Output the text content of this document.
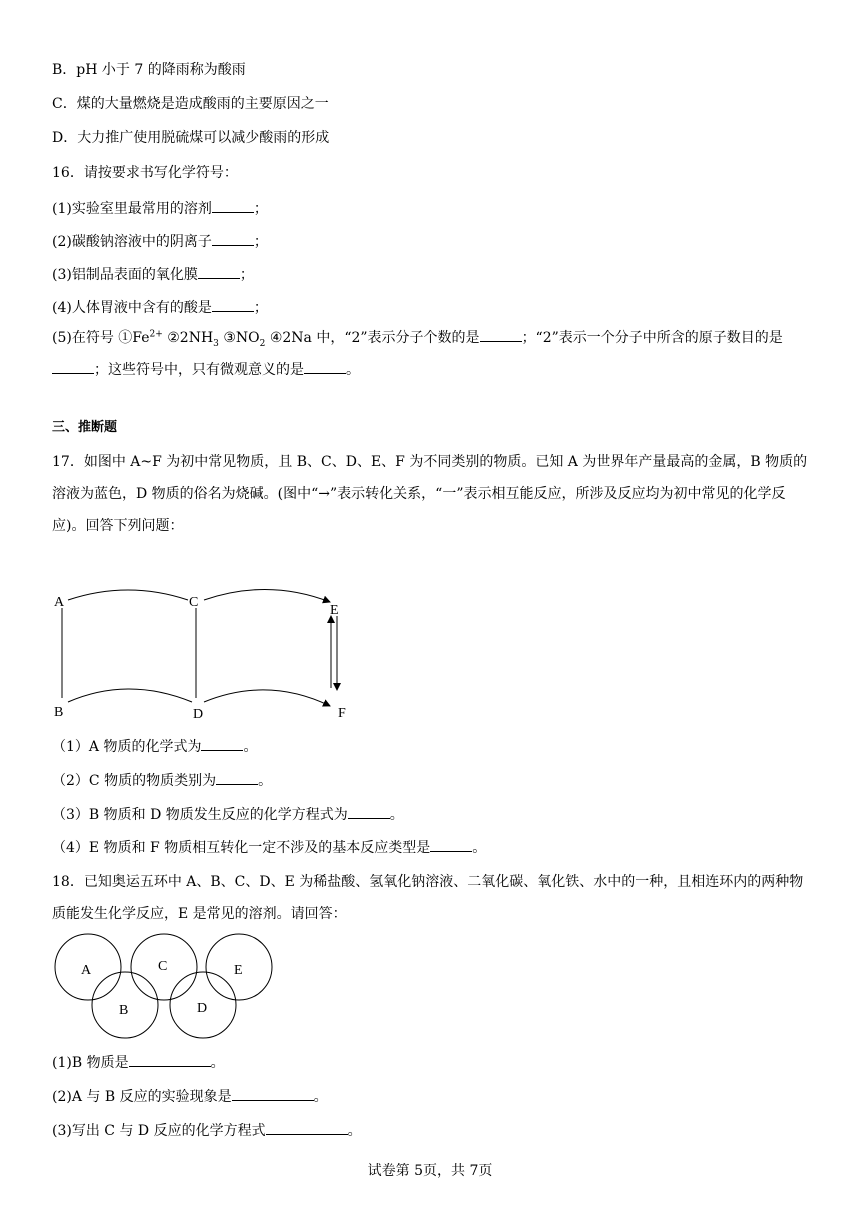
B．pH 小于 7 的降雨称为酸雨
C．煤的大量燃烧是造成酸雨的主要原因之一
D．大力推广使用脱硫煤可以减少酸雨的形成
16．请按要求书写化学符号：
(1)实验室里最常用的溶剂	；
(2)碳酸钠溶液中的阴离子	；
(3)铝制品表面的氧化膜	；
(4)人体胃液中含有的酸是	；
(5)在符号 $①Fe^{2+}$ $②2NH_3$ $③NO_2$ ④2Na 中，“2”表示分子个数的是	；“2”表示一个分子中所含的原子数目的是；这些符号中，只有微观意义的是	。
三、推断题
17．如图中 A~F 为初中常见物质，且 B、C、D、E、F 为不同类别的物质。已知 A 为世界年产量最高的金属，B 物质的溶液为蓝色，D 物质的俗名为烧碱。(图中“→”表示转化关系，“一”表示相互能反应，所涉及反应均为初中常见的化学反应)。回答下列问题：
A	C
E
B	D	F
（1）A 物质的化学式为	。
（2）C 物质的物质类别为	。
（3）B 物质和 D 物质发生反应的化学方程式为	。
（4）E 物质和 F 物质相互转化一定不涉及的基本反应类型是	。
18．已知奥运五环中 A、B、C、D、E 为稀盐酸、氢氧化钠溶液、二氧化碳、氧化铁、水中的一种，且相连环内的两种物质能发生化学反应，E 是常见的溶剂。请回答：
A	C	E
B	D
(1)B 物质是	。
(2)A 与 B 反应的实验现象是	。
(3)写出 C 与 D 反应的化学方程式	。
试卷第 5页，共 7页
